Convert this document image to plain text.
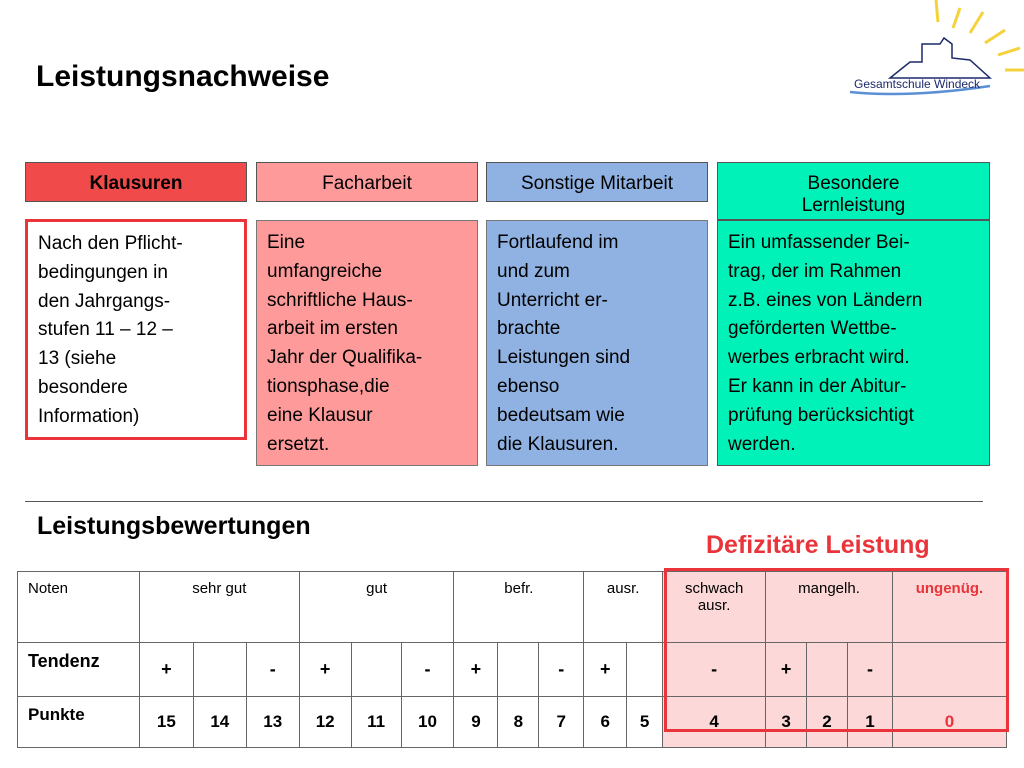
Leistungsnachweise	Gesamtschule Windeck
Klausuren	Facharbeit	Sonstige Mitarbeit	Besondere
Lernleistung
Nach den Pflicht-
bedingungen in
den Jahrgangs-
stufen 11 – 12 –
13 (siehe
besondere
Information)
Eine
umfangreiche
schriftliche Haus-
arbeit im ersten
Jahr der Qualifika-
tionsphase,die
eine Klausur
ersetzt.
Fortlaufend im
und zum
Unterricht er-
brachte
Leistungen sind
ebenso
bedeutsam wie
die Klausuren.
Ein umfassender Bei-
trag, der im Rahmen
z.B. eines von Ländern
geförderten Wettbe-
werbes erbracht wird.
Er kann in der Abitur-
prüfung berücksichtigt
werden.
Leistungsbewertungen
Defizitäre Leistung
Noten	sehr gut			gut			befr.			ausr.		schwach ausr.	mangelh.			ungenüg.
Tendenz	+		-	+		-	+		-	+		-	+		-	
Punkte	15	14	13	12	11	10	9	8	7	6	5	4	3	2	1	0
